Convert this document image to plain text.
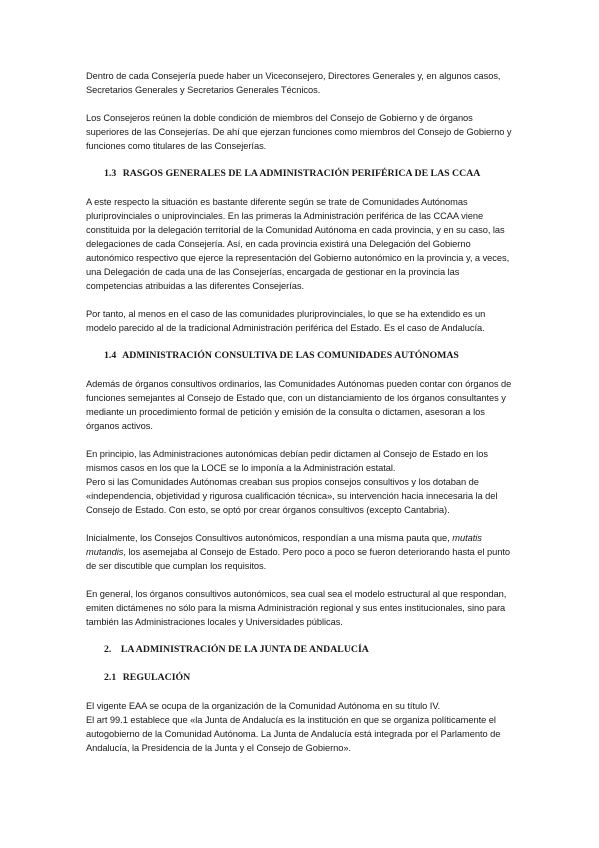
Dentro de cada Consejería puede haber un Viceconsejero, Directores Generales y, en algunos casos, Secretarios Generales y Secretarios Generales Técnicos.

Los Consejeros reúnen la doble condición de miembros del Consejo de Gobierno y de órganos superiores de las Consejerías. De ahí que ejerzan funciones como miembros del Consejo de Gobierno y funciones como titulares de las Consejerías.

1.3 RASGOS GENERALES DE LA ADMINISTRACIÓN PERIFÉRICA DE LAS CCAA

A este respecto la situación es bastante diferente según se trate de Comunidades Autónomas pluriprovinciales o uniprovinciales. En las primeras la Administración periférica de las CCAA viene constituida por la delegación territorial de la Comunidad Autónoma en cada provincia, y en su caso, las delegaciones de cada Consejería. Así, en cada provincia existirá una Delegación del Gobierno autonómico respectivo que ejerce la representación del Gobierno autonómico en la provincia y, a veces, una Delegación de cada una de las Consejerías, encargada de gestionar en la provincia las competencias atribuidas a las diferentes Consejerías.

Por tanto, al menos en el caso de las comunidades pluriprovinciales, lo que se ha extendido es un modelo parecido al de la tradicional Administración periférica del Estado. Es el caso de Andalucía.

1.4 ADMINISTRACIÓN CONSULTIVA DE LAS COMUNIDADES AUTÓNOMAS

Además de órganos consultivos ordinarios, las Comunidades Autónomas pueden contar con órganos de funciones semejantes al Consejo de Estado que, con un distanciamiento de los órganos consultantes y mediante un procedimiento formal de petición y emisión de la consulta o dictamen, asesoran a los órganos activos.

En principio, las Administraciones autonómicas debían pedir dictamen al Consejo de Estado en los mismos casos en los que la LOCE se lo imponía a la Administración estatal.

Pero si las Comunidades Autónomas creaban sus propios consejos consultivos y los dotaban de «independencia, objetividad y rigurosa cualificación técnica», su intervención hacia innecesaria la del Consejo de Estado. Con esto, se optó por crear órganos consultivos (excepto Cantabria).

Inicialmente, los Consejos Consultivos autonómicos, respondían a una misma pauta que, mutatis mutandis, los asemejaba al Consejo de Estado. Pero poco a poco se fueron deteriorando hasta el punto de ser discutible que cumplan los requisitos.

En general, los órganos consultivos autonómicos, sea cual sea el modelo estructural al que respondan, emiten dictámenes no sólo para la misma Administración regional y sus entes institucionales, sino para también las Administraciones locales y Universidades públicas.

2. LA ADMINISTRACIÓN DE LA JUNTA DE ANDALUCÍA
2.1 REGULACIÓN

El vigente EAA se ocupa de la organización de la Comunidad Autónoma en su título IV.

El art 99.1 establece que «la Junta de Andalucía es la institución en que se organiza políticamente el autogobierno de la Comunidad Autónoma. La Junta de Andalucía está integrada por el Parlamento de Andalucía, la Presidencia de la Junta y el Consejo de Gobierno».
